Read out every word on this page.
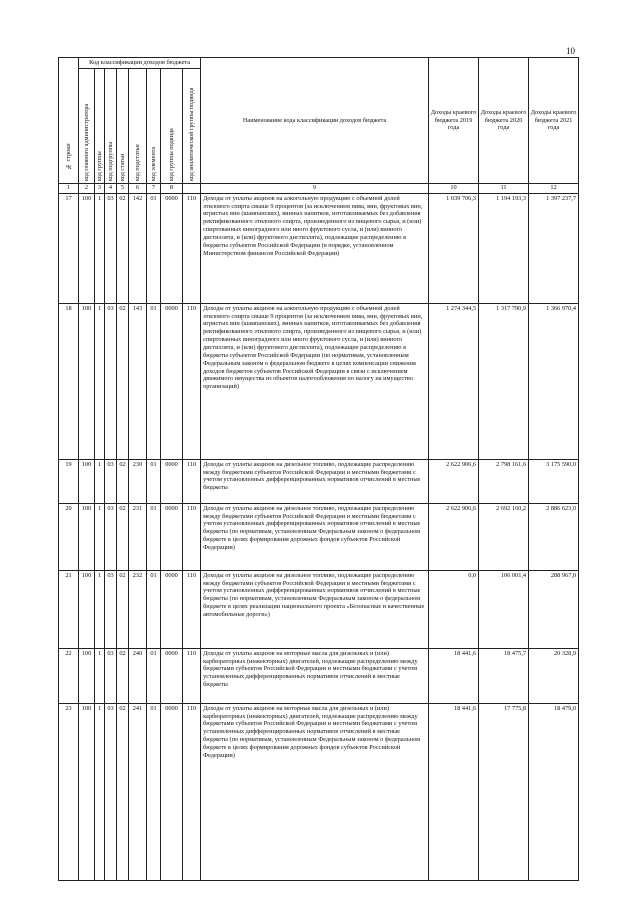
10
№ строки	Код классификации доходов бюджета								Наименование кода классификации доходов бюджета	Доходы краевого бюджета 2019 года	Доходы краевого бюджета 2020 года	Доходы краевого бюджета 2021 года

	код главного администратора	код группы	код подгруппы	код статьи	код подстатьи	код элемента	код группы подвида	код аналитической группы подвида				

1	2	3	4	5	6	7	8		9	10	11	12
17	100	1	03	02	142	01	0000	110	Доходы от уплаты акцизов на алкогольную продукцию с объемной долей этилового спирта свыше 9 процентов (за исключением пива, вин, фруктовых вин, игристых вин (шампанских), винных напитков, изготавливаемых без добавления ректификованного этилового спирта, произведенного из пищевого сырья, и (или) спиртованных виноградного или иного фруктового сусла, и (или) винного дистиллята, и (или) фруктового дистиллята), подлежащие распределению в бюджеты субъектов Российской Федерации (в порядке, установленном Министерством финансов Российской Федерации)	1 039 706,3	1 194 193,3	1 397 237,7
18	100	1	03	02	143	01	0000	110	Доходы от уплаты акцизов на алкогольную продукцию с объемной долей этилового спирта свыше 9 процентов (за исключением пива, вин, фруктовых вин, игристых вин (шампанских), винных напитков, изготавливаемых без добавления ректификованного этилового спирта, произведенного из пищевого сырья, и (или) спиртованных виноградного или иного фруктового сусла, и (или) винного дистиллята, и (или) фруктового дистиллята), подлежащие распределению в бюджеты субъектов Российской Федерации (по нормативам, установленным Федеральным законом о федеральном бюджете в целях компенсации снижения доходов бюджетов субъектов Российской Федерации в связи с исключением движимого имущества из объектов налогообложения по налогу на имущество организаций)	1 274 344,5	1 317 790,9	1 366 970,4
19	100	1	03	02	230	01	0000	110	Доходы от уплаты акцизов на дизельное топливо, подлежащие распределению между бюджетами субъектов Российской Федерации и местными бюджетами с учетом установленных дифференцированных нормативов отчислений в местные бюджеты	2 622 906,6	2 798 161,6	3 175 590,0
20	100	1	03	02	231	01	0000	110	Доходы от уплаты акцизов на дизельное топливо, подлежащие распределению между бюджетами субъектов Российской Федерации и местными бюджетами с учетом установленных дифференцированных нормативов отчислений в местные бюджеты (по нормативам, установленным Федеральным законом о федеральном бюджете в целях формирования дорожных фондов субъектов Российской Федерации)	2 622 906,6	2 692 160,2	2 886 623,0
21	100	1	03	02	232	01	0000	110	Доходы от уплаты акцизов на дизельное топливо, подлежащие распределению между бюджетами субъектов Российской Федерации и местными бюджетами с учетом установленных дифференцированных нормативов отчислений в местные бюджеты (по нормативам, установленным Федеральным законом о федеральном бюджете в целях реализации национального проекта «Безопасные и качественные автомобильные дороги»)	0,0	106 001,4	288 967,0
22	100	1	03	02	240	01	0000	110	Доходы от уплаты акцизов на моторные масла для дизельных и (или) карбюраторных (инжекторных) двигателей, подлежащие распределению между бюджетами субъектов Российской Федерации и местными бюджетами с учетом установленных дифференцированных нормативов отчислений в местные бюджеты	18 441,6	18 475,7	20 328,9
23	100	1	03	02	241	01	0000	110	Доходы от уплаты акцизов на моторные масла для дизельных и (или) карбюраторных (инжекторных) двигателей, подлежащие распределению между бюджетами субъектов Российской Федерации и местными бюджетами с учетом установленных дифференцированных нормативов отчислений в местные бюджеты (по нормативам, установленным Федеральным законом о федеральном бюджете в целях формирования дорожных фондов субъектов Российской Федерации)	18 441,6	17 775,8	18 479,0
